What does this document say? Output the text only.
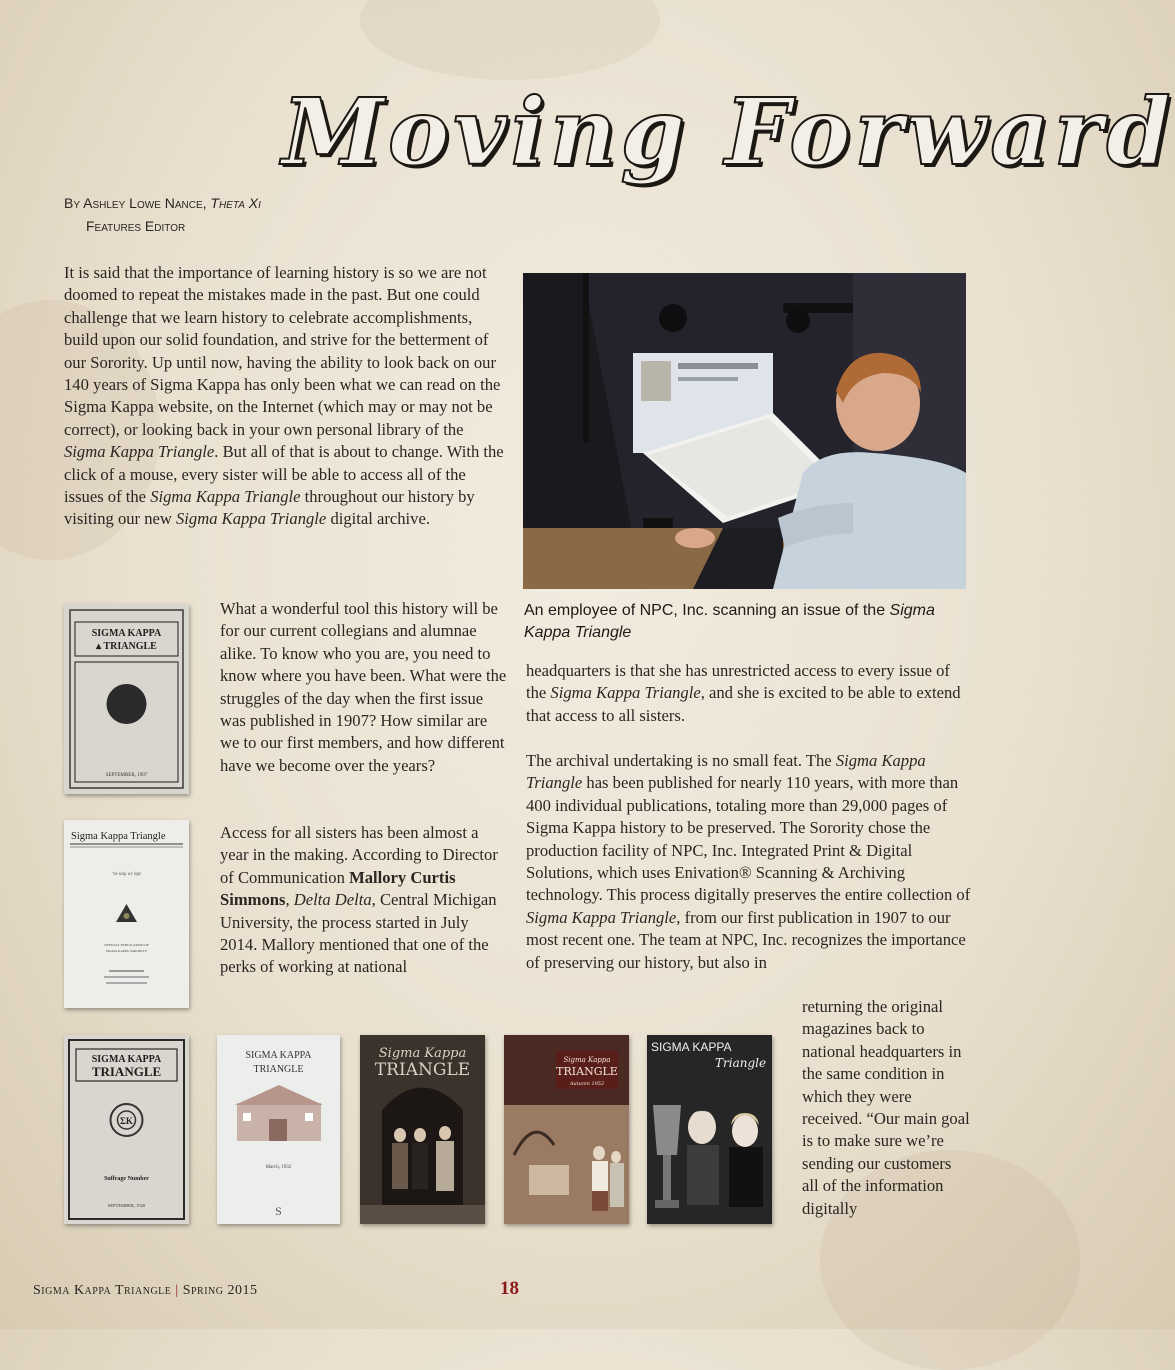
Moving Forward
By Ashley Lowe Nance, Theta Xi
Features Editor

It is said that the importance of learning history is so we are not doomed to repeat the mistakes made in the past. But one could challenge that we learn history to celebrate accomplishments, build upon our solid foundation, and strive for the betterment of our Sorority. Up until now, having the ability to look back on our 140 years of Sigma Kappa has only been what we can read on the Sigma Kappa website, on the Internet (which may or may not be correct), or looking back in your own personal library of the Sigma Kappa Triangle. But all of that is about to change. With the click of a mouse, every sister will be able to access all of the issues of the Sigma Kappa Triangle throughout our history by visiting our new Sigma Kappa Triangle digital archive.

An employee of NPC, Inc. scanning an issue of the Sigma Kappa Triangle
SIGMA KAPPA
▴ TRIANGLE
SEPTEMBER, 1907
Sigma Kappa Triangle
ʹτα κάμ ϰε ἀρε
OFFICIAL PUBLICATION OF
SIGMA KAPPA SORORITY

What a wonderful tool this history will be for our current collegians and alumnae alike. To know who you are, you need to know where you have been. What were the struggles of the day when the first issue was published in 1907? How similar are we to our first members, and how different have we become over the years?

Access for all sisters has been almost a year in the making. According to Director of Communication Mallory Curtis Simmons, Delta Delta, Central Michigan University, the process started in July 2014. Mallory mentioned that one of the perks of working at national

headquarters is that she has unrestricted access to every issue of the Sigma Kappa Triangle, and she is excited to be able to extend that access to all sisters.

The archival undertaking is no small feat. The Sigma Kappa Triangle has been published for nearly 110 years, with more than 400 individual publications, totaling more than 29,000 pages of Sigma Kappa history to be preserved. The Sorority chose the production facility of NPC, Inc. Integrated Print & Digital Solutions, which uses Enivation® Scanning & Archiving technology. This process digitally preserves the entire collection of Sigma Kappa Triangle, from our first publication in 1907 to our most recent one. The team at NPC, Inc. recognizes the importance of preserving our history, but also in

returning the original magazines back to national headquarters in the same condition in which they were received. “Our main goal is to make sure we’re sending our customers all of the information digitally

SIGMA KAPPA
TRIANGLE
ΣΚ
Suffrage Number
SEPTEMBER, 1920
SIGMA KAPPA
TRIANGLE
March, 1932
S
Sigma Kappa
TRIANGLE	Sigma Kappa
TRIANGLE
Autumn 1952
SIGMA KAPPA
Triangle
Sigma Kappa Triangle | Spring 2015	18
